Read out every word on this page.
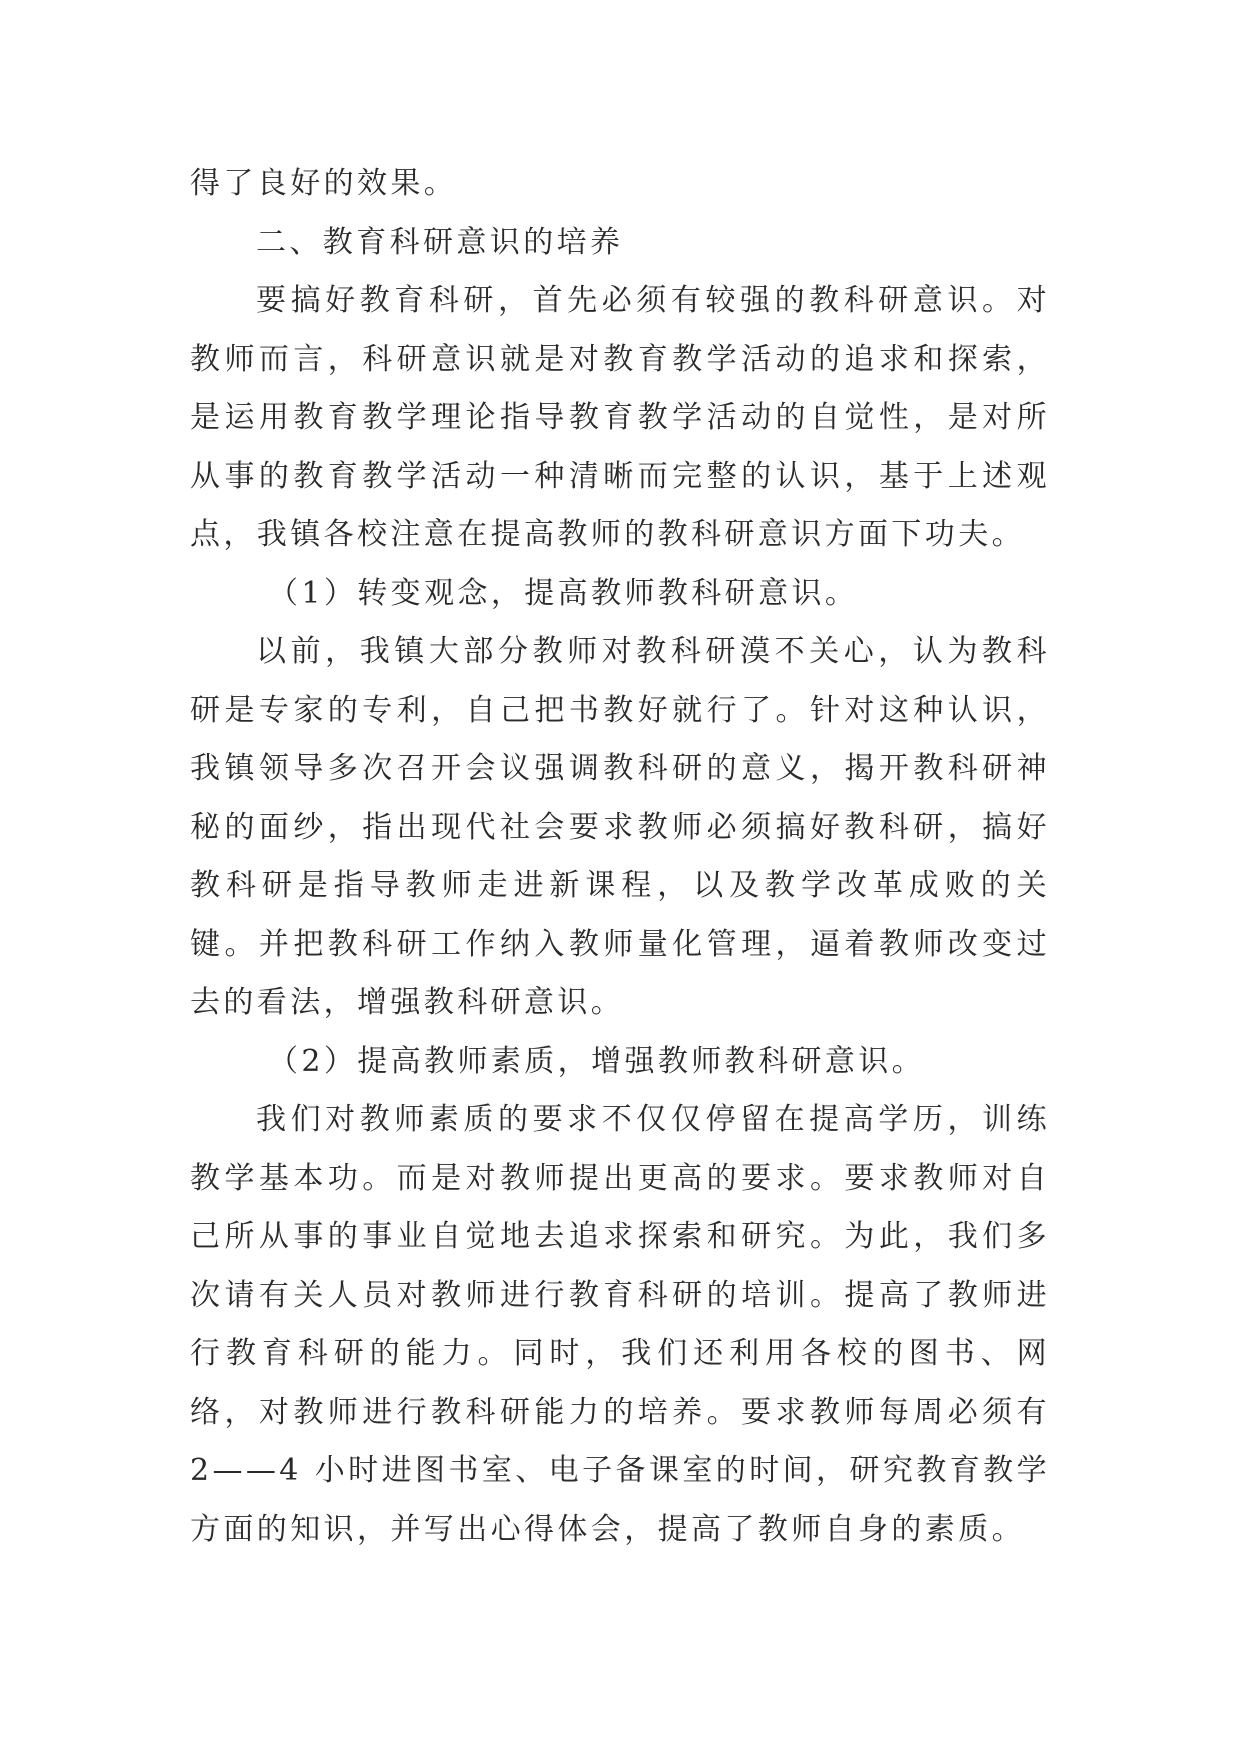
得了良好的效果。

二、教育科研意识的培养

要搞好教育科研，首先必须有较强的教科研意识。对教师而言，科研意识就是对教育教学活动的追求和探索，是运用教育教学理论指导教育教学活动的自觉性，是对所从事的教育教学活动一种清晰而完整的认识，基于上述观点，我镇各校注意在提高教师的教科研意识方面下功夫。

（1）转变观念，提高教师教科研意识。

以前，我镇大部分教师对教科研漠不关心，认为教科研是专家的专利，自己把书教好就行了。针对这种认识，我镇领导多次召开会议强调教科研的意义，揭开教科研神秘的面纱，指出现代社会要求教师必须搞好教科研，搞好教科研是指导教师走进新课程，以及教学改革成败的关键。并把教科研工作纳入教师量化管理，逼着教师改变过去的看法，增强教科研意识。

（2）提高教师素质，增强教师教科研意识。

我们对教师素质的要求不仅仅停留在提高学历，训练教学基本功。而是对教师提出更高的要求。要求教师对自己所从事的事业自觉地去追求探索和研究。为此，我们多次请有关人员对教师进行教育科研的培训。提高了教师进行教育科研的能力。同时，我们还利用各校的图书、网络，对教师进行教科研能力的培养。要求教师每周必须有 2——4 小时进图书室、电子备课室的时间，研究教育教学方面的知识，并写出心得体会，提高了教师自身的素质。
